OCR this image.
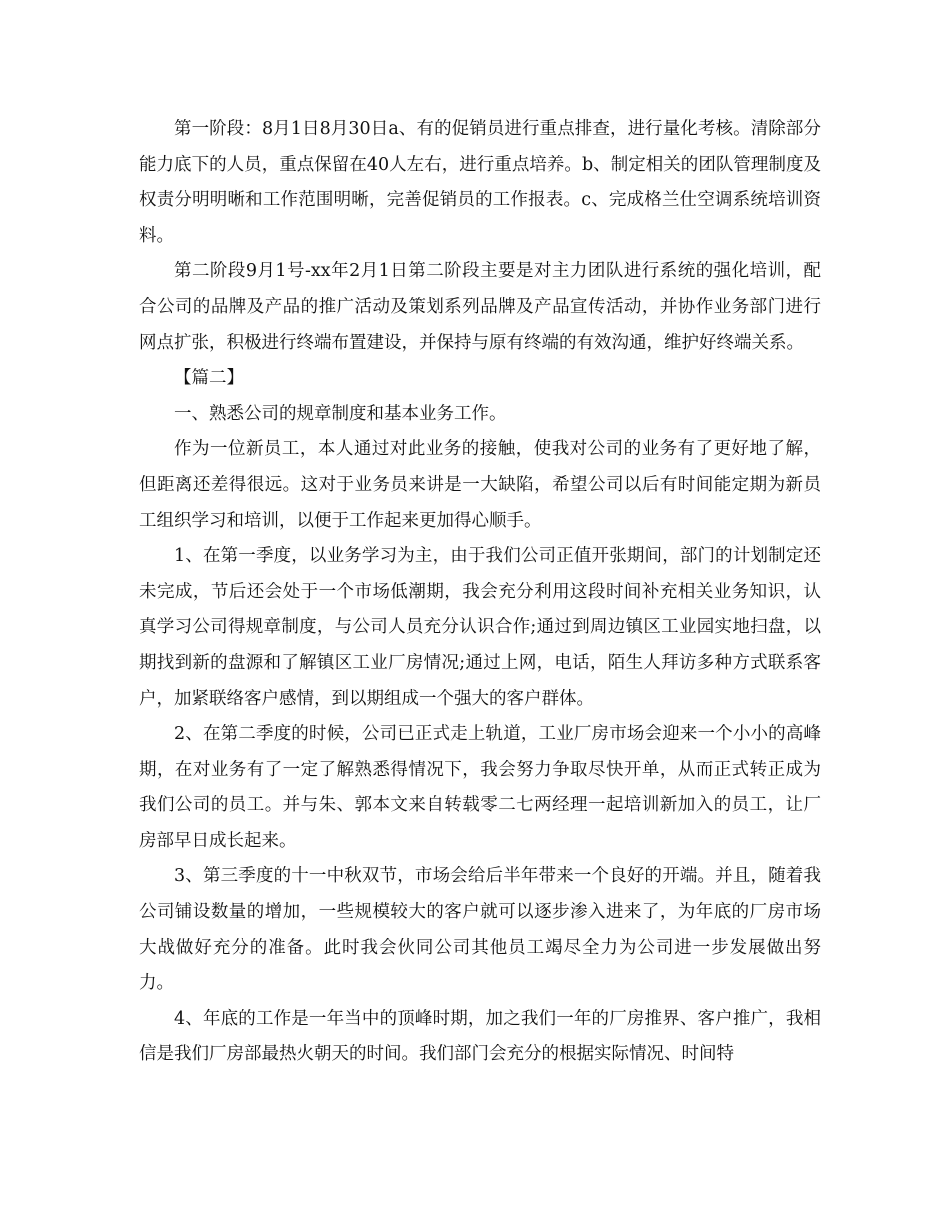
第一阶段：8月1日8月30日a、有的促销员进行重点排查，进行量化考核。清除部分能力底下的人员，重点保留在40人左右，进行重点培养。b、制定相关的团队管理制度及权责分明明晰和工作范围明晰，完善促销员的工作报表。c、完成格兰仕空调系统培训资料。

第二阶段9月1号-xx年2月1日第二阶段主要是对主力团队进行系统的强化培训，配合公司的品牌及产品的推广活动及策划系列品牌及产品宣传活动，并协作业务部门进行网点扩张，积极进行终端布置建设，并保持与原有终端的有效沟通，维护好终端关系。

【篇二】

一、熟悉公司的规章制度和基本业务工作。

作为一位新员工，本人通过对此业务的接触，使我对公司的业务有了更好地了解，但距离还差得很远。这对于业务员来讲是一大缺陷，希望公司以后有时间能定期为新员工组织学习和培训，以便于工作起来更加得心顺手。

1、在第一季度，以业务学习为主，由于我们公司正值开张期间，部门的计划制定还未完成，节后还会处于一个市场低潮期，我会充分利用这段时间补充相关业务知识，认真学习公司得规章制度，与公司人员充分认识合作;通过到周边镇区工业园实地扫盘，以期找到新的盘源和了解镇区工业厂房情况;通过上网，电话，陌生人拜访多种方式联系客户，加紧联络客户感情，到以期组成一个强大的客户群体。

2、在第二季度的时候，公司已正式走上轨道，工业厂房市场会迎来一个小小的高峰期，在对业务有了一定了解熟悉得情况下，我会努力争取尽快开单，从而正式转正成为我们公司的员工。并与朱、郭本文来自转载零二七两经理一起培训新加入的员工，让厂房部早日成长起来。

3、第三季度的十一中秋双节，市场会给后半年带来一个良好的开端。并且，随着我公司铺设数量的增加，一些规模较大的客户就可以逐步渗入进来了，为年底的厂房市场大战做好充分的准备。此时我会伙同公司其他员工竭尽全力为公司进一步发展做出努力。

4、年底的工作是一年当中的顶峰时期，加之我们一年的厂房推界、客户推广，我相信是我们厂房部最热火朝天的时间。我们部门会充分的根据实际情况、时间特
